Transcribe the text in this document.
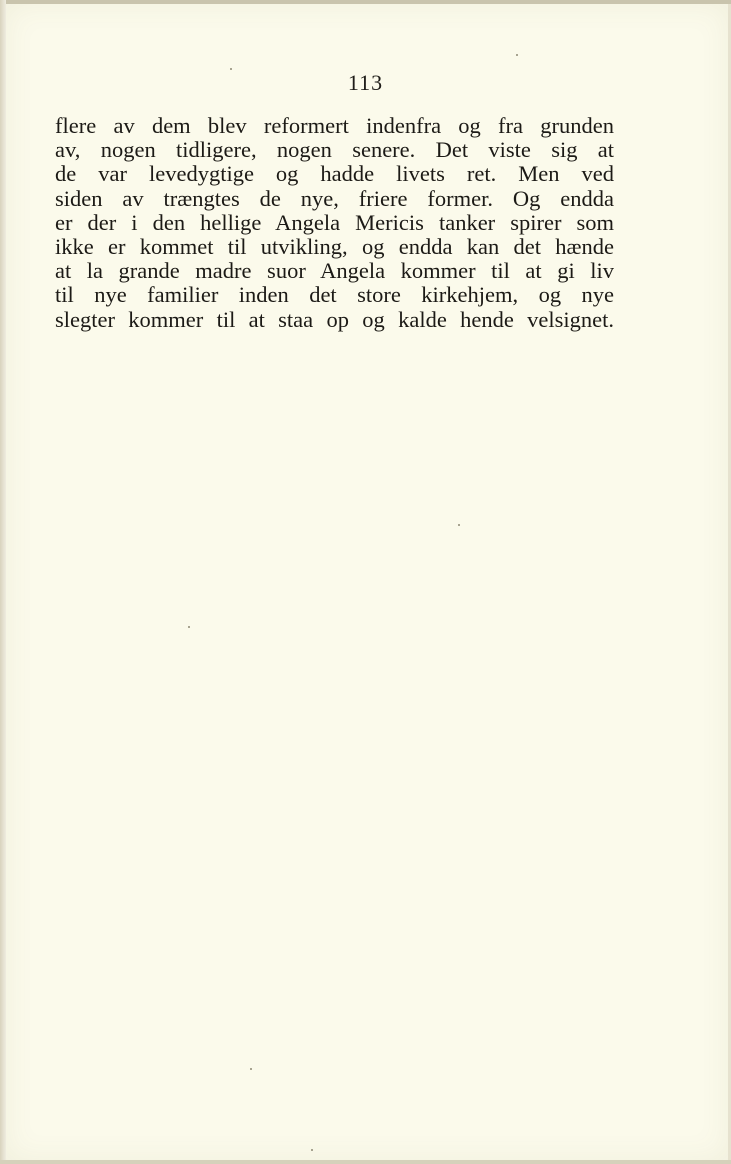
113
flere av dem blev reformert indenfra og fra grunden
av, nogen tidligere, nogen senere. Det viste sig at
de var levedygtige og hadde livets ret. Men ved
siden av trængtes de nye, friere former. Og endda
er der i den hellige Angela Mericis tanker spirer som
ikke er kommet til utvikling, og endda kan det hænde
at la grande madre suor Angela kommer til at gi liv
til nye familier inden det store kirkehjem, og nye
slegter kommer til at staa op og kalde hende velsignet.
